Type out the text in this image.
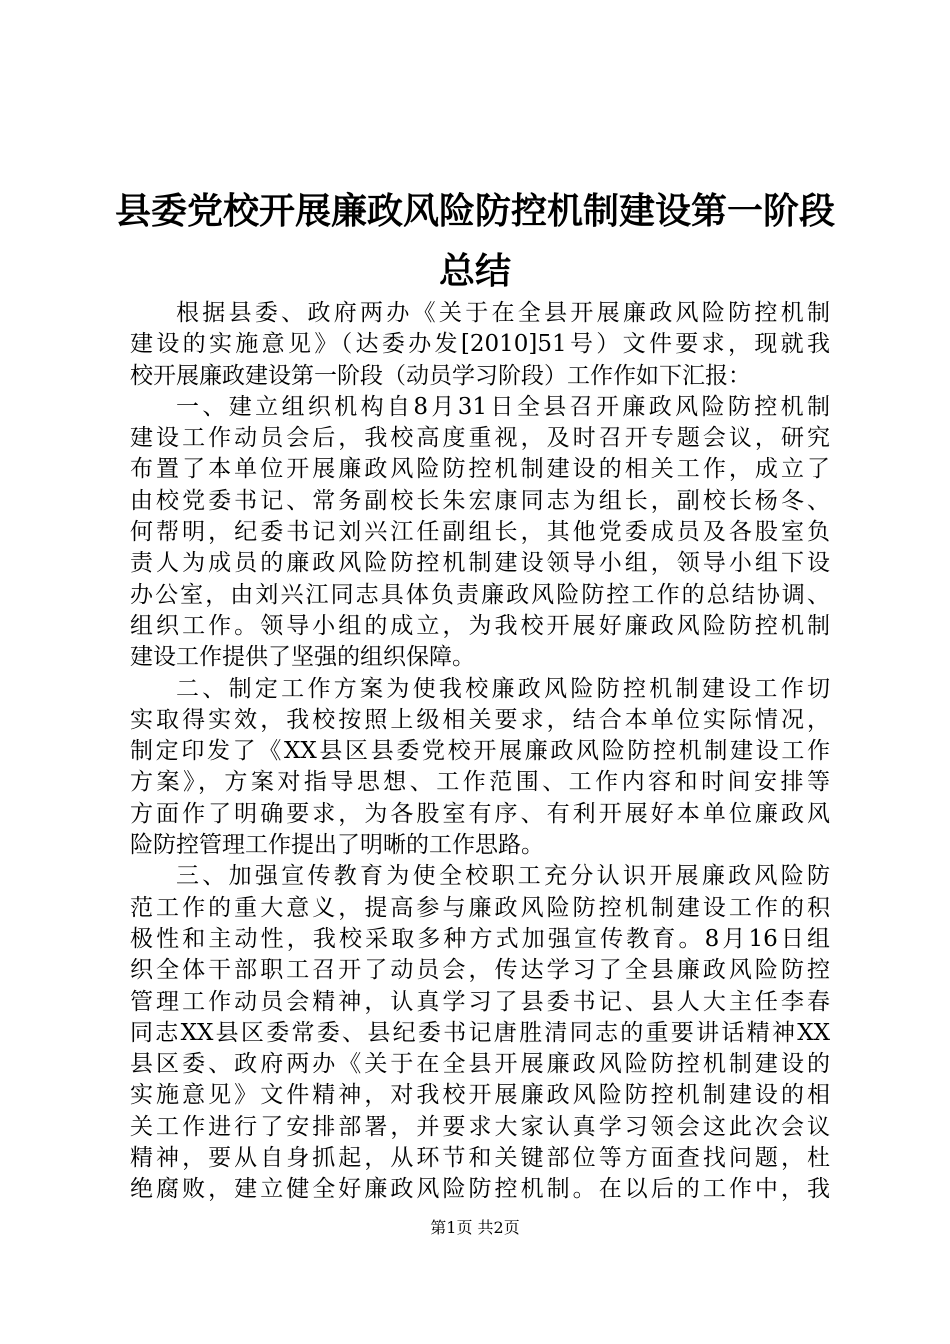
县委党校开展廉政风险防控机制建设第一阶段
总结
根据县委、政府两办《关于在全县开展廉政风险防控机制
建设的实施意见》（达委办发[2010]51号）文件要求，现就我
校开展廉政建设第一阶段（动员学习阶段）工作作如下汇报：
一、建立组织机构自8月31日全县召开廉政风险防控机制
建设工作动员会后，我校高度重视，及时召开专题会议，研究
布置了本单位开展廉政风险防控机制建设的相关工作，成立了
由校党委书记、常务副校长朱宏康同志为组长，副校长杨冬、
何帮明，纪委书记刘兴江任副组长，其他党委成员及各股室负
责人为成员的廉政风险防控机制建设领导小组，领导小组下设
办公室，由刘兴江同志具体负责廉政风险防控工作的总结协调、
组织工作。领导小组的成立，为我校开展好廉政风险防控机制
建设工作提供了坚强的组织保障。
二、制定工作方案为使我校廉政风险防控机制建设工作切
实取得实效，我校按照上级相关要求，结合本单位实际情况，
制定印发了《XX县区县委党校开展廉政风险防控机制建设工作
方案》，方案对指导思想、工作范围、工作内容和时间安排等
方面作了明确要求，为各股室有序、有利开展好本单位廉政风
险防控管理工作提出了明晰的工作思路。
三、加强宣传教育为使全校职工充分认识开展廉政风险防
范工作的重大意义，提高参与廉政风险防控机制建设工作的积
极性和主动性，我校采取多种方式加强宣传教育。8月16日组
织全体干部职工召开了动员会，传达学习了全县廉政风险防控
管理工作动员会精神，认真学习了县委书记、县人大主任李春
同志XX县区委常委、县纪委书记唐胜清同志的重要讲话精神XX
县区委、政府两办《关于在全县开展廉政风险防控机制建设的
实施意见》文件精神，对我校开展廉政风险防控机制建设的相
关工作进行了安排部署，并要求大家认真学习领会这此次会议
精神，要从自身抓起，从环节和关键部位等方面查找问题，杜
绝腐败，建立健全好廉政风险防控机制。在以后的工作中，我
第1页 共2页
